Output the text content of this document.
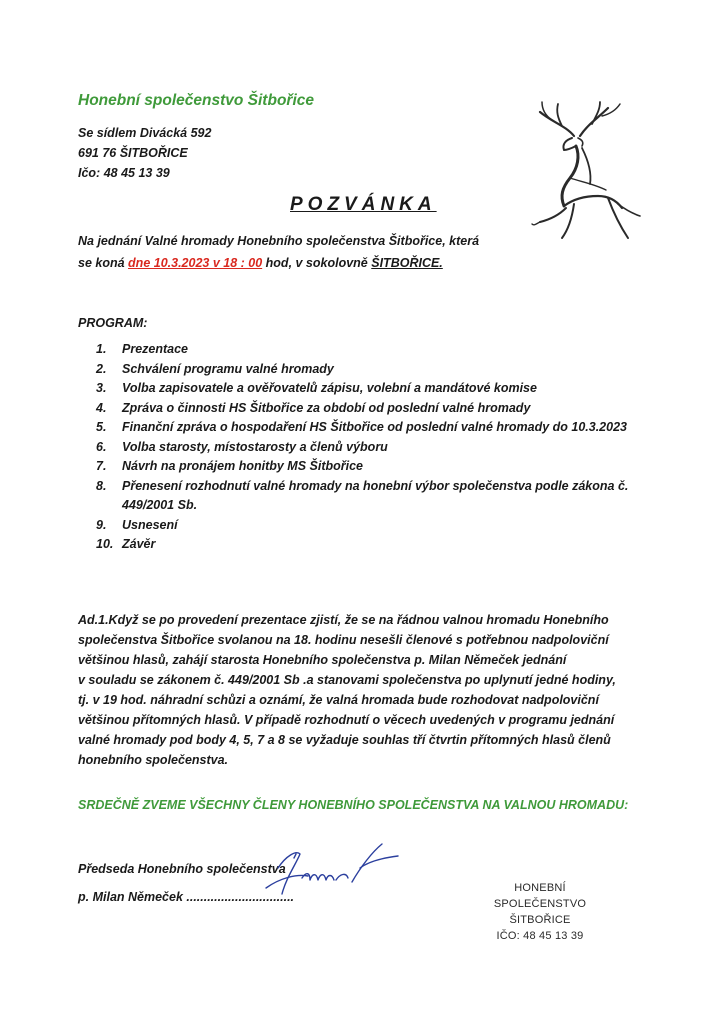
Honební společenstvo Šitbořice
Se sídlem Divácká 592
691 76 ŠITBOŘICE
Ičo: 48 45 13 39
POZVÁNKA
Na jednání Valné hromady Honebního společenstva Šitbořice, která
se koná dne 10.3.2023 v 18 : 00 hod, v sokolovně ŠITBOŘICE.
PROGRAM:
1.	Prezentace
2.	Schválení programu valné hromady
3.	Volba zapisovatele a ověřovatelů zápisu, volební a mandátové komise
4.	Zpráva o činnosti HS Šitbořice za období od poslední valné hromady
5.	Finanční zpráva o hospodaření HS Šitbořice od poslední valné hromady do 10.3.2023
6.	Volba starosty, místostarosty a členů výboru
7.	Návrh na pronájem honitby MS Šitbořice
8.	Přenesení rozhodnutí valné hromady na honební výbor společenstva podle zákona č. 449/2001 Sb.
9.	Usnesení
10. Závěr
Ad.1.Když se po provedení prezentace zjistí, že se na řádnou valnou hromadu Honebního
společenstva Šitbořice svolanou na 18. hodinu nesešli členové s potřebnou nadpoloviční
většinou hlasů, zahájí starosta Honebního společenstva p. Milan Němeček jednání
v souladu se zákonem č. 449/2001 Sb .a stanovami společenstva po uplynutí jedné hodiny,
tj. v 19 hod. náhradní schůzi a oznámí, že valná hromada bude rozhodovat nadpoloviční
většinou přítomných hlasů. V případě rozhodnutí o věcech uvedených v programu jednání
valné hromady pod body 4, 5, 7 a 8 se vyžaduje souhlas tří čtvrtin přítomných hlasů členů
honebního společenstva.
SRDEČNĚ ZVEME VŠECHNY ČLENY HONEBNÍHO SPOLEČENSTVA NA VALNOU HROMADU:
Předseda Honebního společenstva
p. Milan Němeček ...............................
HONEBNÍ SPOLEČENSTVO
ŠITBOŘICE
IČO: 48 45 13 39
